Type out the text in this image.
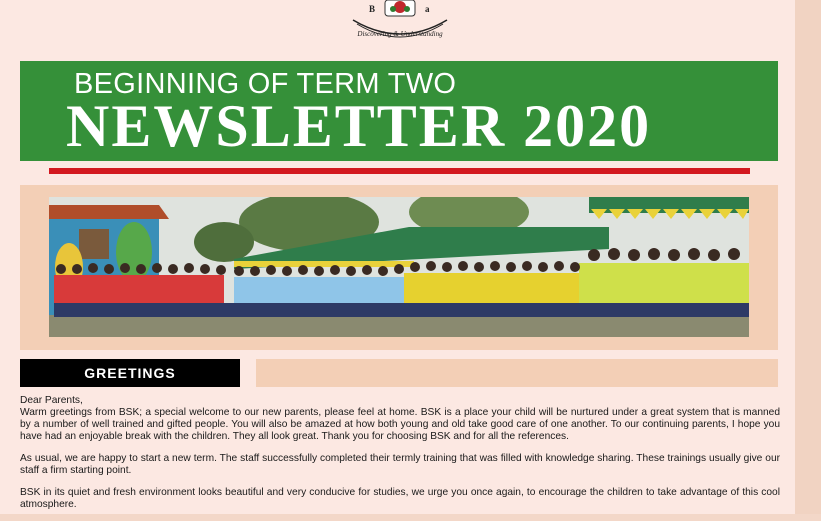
B	a
Discovering & Understanding
BEGINNING OF TERM TWO
NEWSLETTER 2020
GREETINGS

Dear Parents,

Warm greetings from BSK; a special welcome to our new parents, please feel at home. BSK is a place your child will be nurtured under a great system that is manned by a number of well trained and gifted people. You will also be amazed at how both young and old take good care of one another. To our continuing parents, I hope you have had an enjoyable break with the children. They all look great. Thank you for choosing BSK and for all the references.

As usual, we are happy to start a new term. The staff successfully completed their termly training that was filled with knowledge sharing. These trainings usually give our staff a firm starting point.

BSK in its quiet and fresh environment looks beautiful and very conducive for studies, we urge you once again, to encourage the children to take advantage of this cool atmosphere.
